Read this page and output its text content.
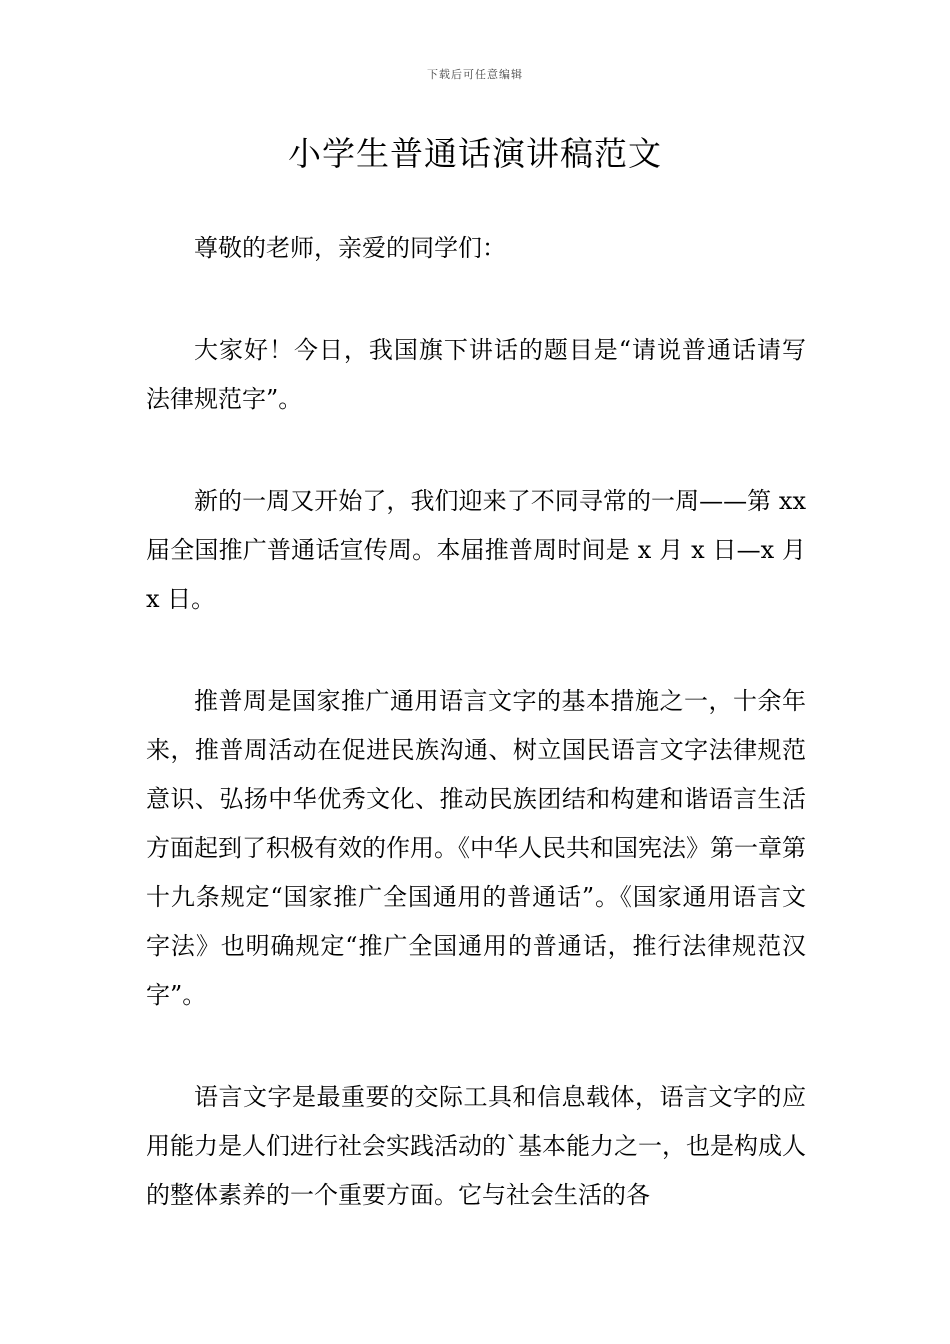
下载后可任意编辑
小学生普通话演讲稿范文

尊敬的老师，亲爱的同学们：

大家好！今日，我国旗下讲话的题目是“请说普通话请写法律规范字”。

新的一周又开始了，我们迎来了不同寻常的一周——第 xx 届全国推广普通话宣传周。本届推普周时间是 x 月 x 日—x 月 x 日。

推普周是国家推广通用语言文字的基本措施之一，十余年来，推普周活动在促进民族沟通、树立国民语言文字法律规范意识、弘扬中华优秀文化、推动民族团结和构建和谐语言生活方面起到了积极有效的作用。《中华人民共和国宪法》第一章第十九条规定“国家推广全国通用的普通话”。《国家通用语言文字法》也明确规定“推广全国通用的普通话，推行法律规范汉字”。

语言文字是最重要的交际工具和信息载体，语言文字的应用能力是人们进行社会实践活动的`基本能力之一，也是构成人的整体素养的一个重要方面。它与社会生活的各
